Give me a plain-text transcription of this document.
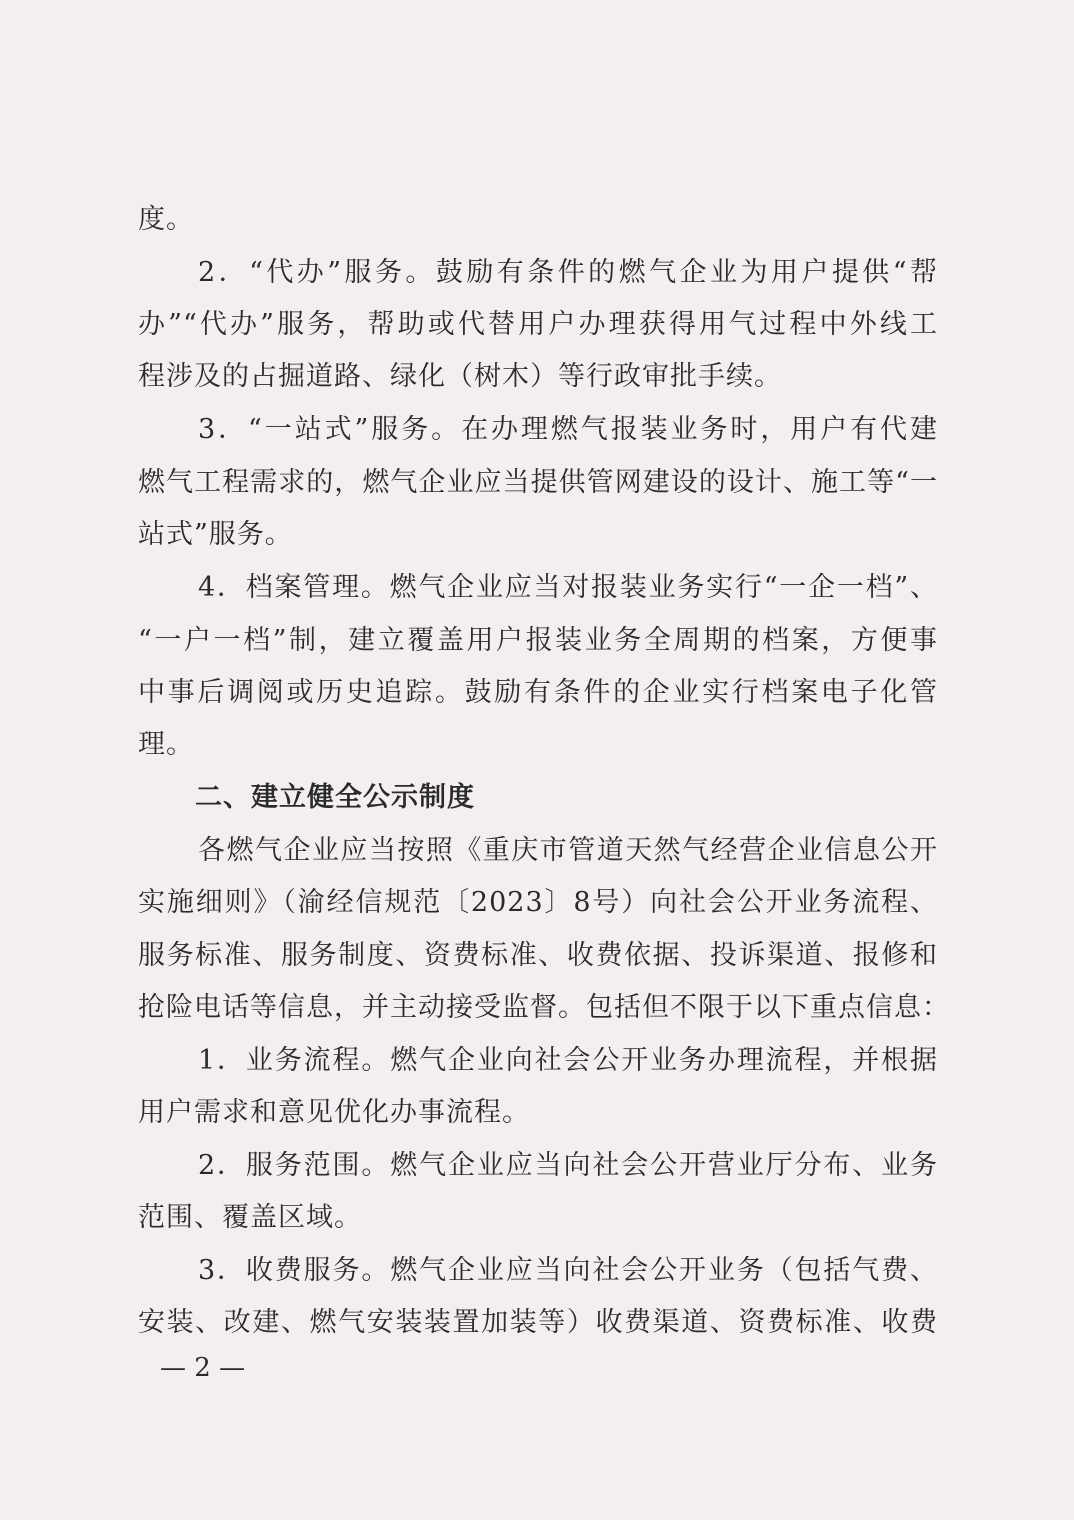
度。
2．“代办”服务。鼓励有条件的燃气企业为用户提供“帮
办”“代办”服务，帮助或代替用户办理获得用气过程中外线工
程涉及的占掘道路、绿化（树木）等行政审批手续。
3．“一站式”服务。在办理燃气报装业务时，用户有代建
燃气工程需求的，燃气企业应当提供管网建设的设计、施工等“一
站式”服务。
4．档案管理。燃气企业应当对报装业务实行“一企一档”、
“一户一档”制，建立覆盖用户报装业务全周期的档案，方便事
中事后调阅或历史追踪。鼓励有条件的企业实行档案电子化管
理。
二、建立健全公示制度
各燃气企业应当按照《重庆市管道天然气经营企业信息公开
实施细则》（渝经信规范〔2023〕8号）向社会公开业务流程、
服务标准、服务制度、资费标准、收费依据、投诉渠道、报修和
抢险电话等信息，并主动接受监督。包括但不限于以下重点信息：
1．业务流程。燃气企业向社会公开业务办理流程，并根据
用户需求和意见优化办事流程。
2．服务范围。燃气企业应当向社会公开营业厅分布、业务
范围、覆盖区域。
3．收费服务。燃气企业应当向社会公开业务（包括气费、
安装、改建、燃气安装装置加装等）收费渠道、资费标准、收费
— 2 —
